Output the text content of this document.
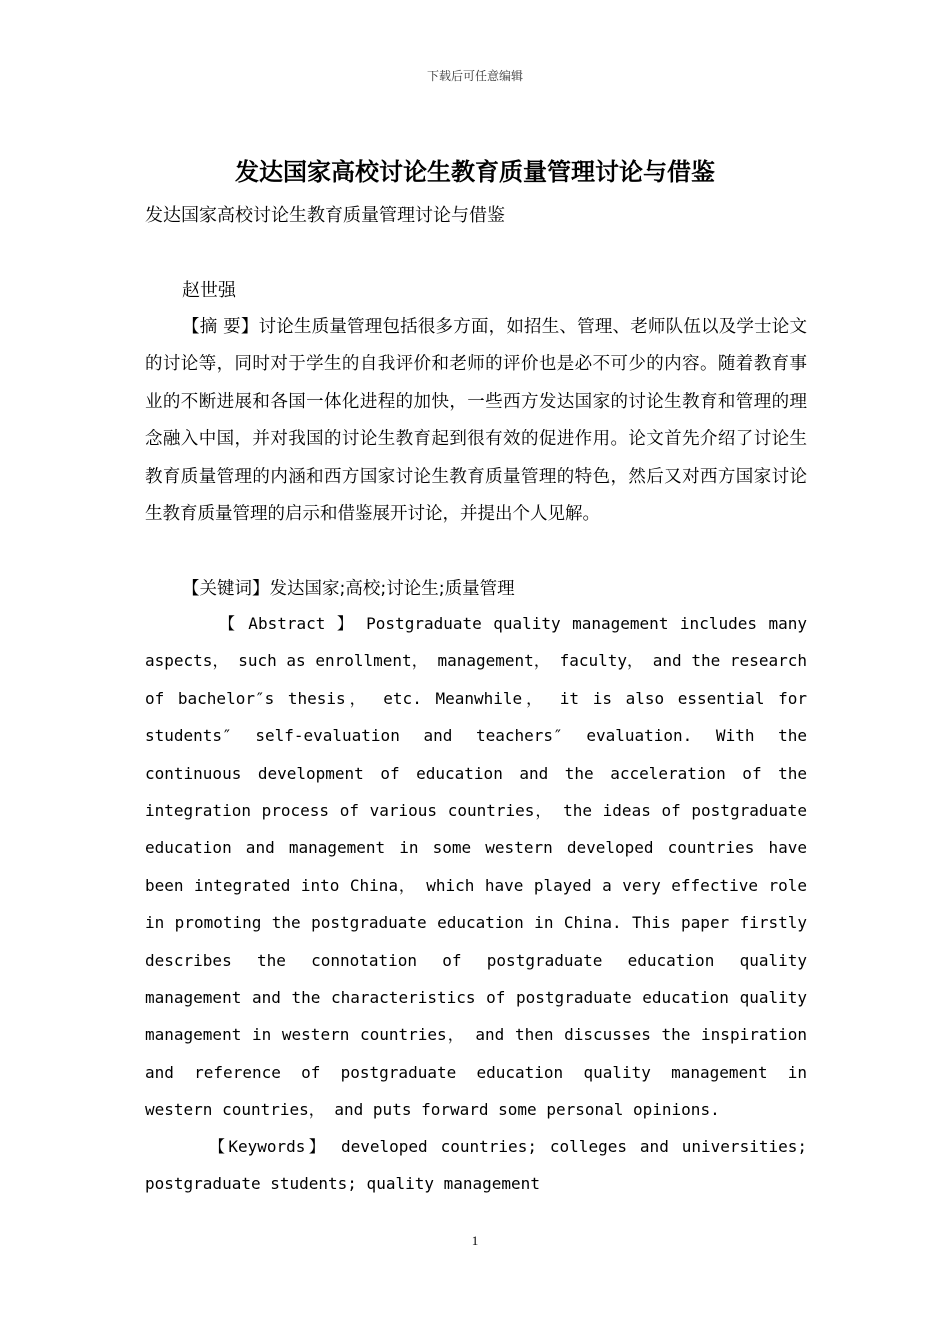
下载后可任意编辑
发达国家高校讨论生教育质量管理讨论与借鉴
发达国家高校讨论生教育质量管理讨论与借鉴
赵世强
【摘 要】讨论生质量管理包括很多方面，如招生、管理、老师队伍以及学士论文的讨论等，同时对于学生的自我评价和老师的评价也是必不可少的内容。随着教育事业的不断进展和各国一体化进程的加快，一些西方发达国家的讨论生教育和管理的理念融入中国，并对我国的讨论生教育起到很有效的促进作用。论文首先介绍了讨论生教育质量管理的内涵和西方国家讨论生教育质量管理的特色，然后又对西方国家讨论生教育质量管理的启示和借鉴展开讨论，并提出个人见解。
【关键词】发达国家;高校;讨论生;质量管理
【 Abstract 】 Postgraduate quality management includes many aspects， such as enrollment， management， faculty， and the research of bachelor″s thesis， etc. Meanwhile， it is also essential for students″ self-evaluation and teachers″ evaluation. With the continuous development of education and the acceleration of the integration process of various countries， the ideas of postgraduate education and management in some western developed countries have been integrated into China， which have played a very effective role in promoting the postgraduate education in China. This paper firstly describes the connotation of postgraduate education quality management and the characteristics of postgraduate education quality management in western countries， and then discusses the inspiration and reference of postgraduate education quality management in western countries， and puts forward some personal opinions.
【Keywords】 developed countries; colleges and universities; postgraduate students; quality management
1
